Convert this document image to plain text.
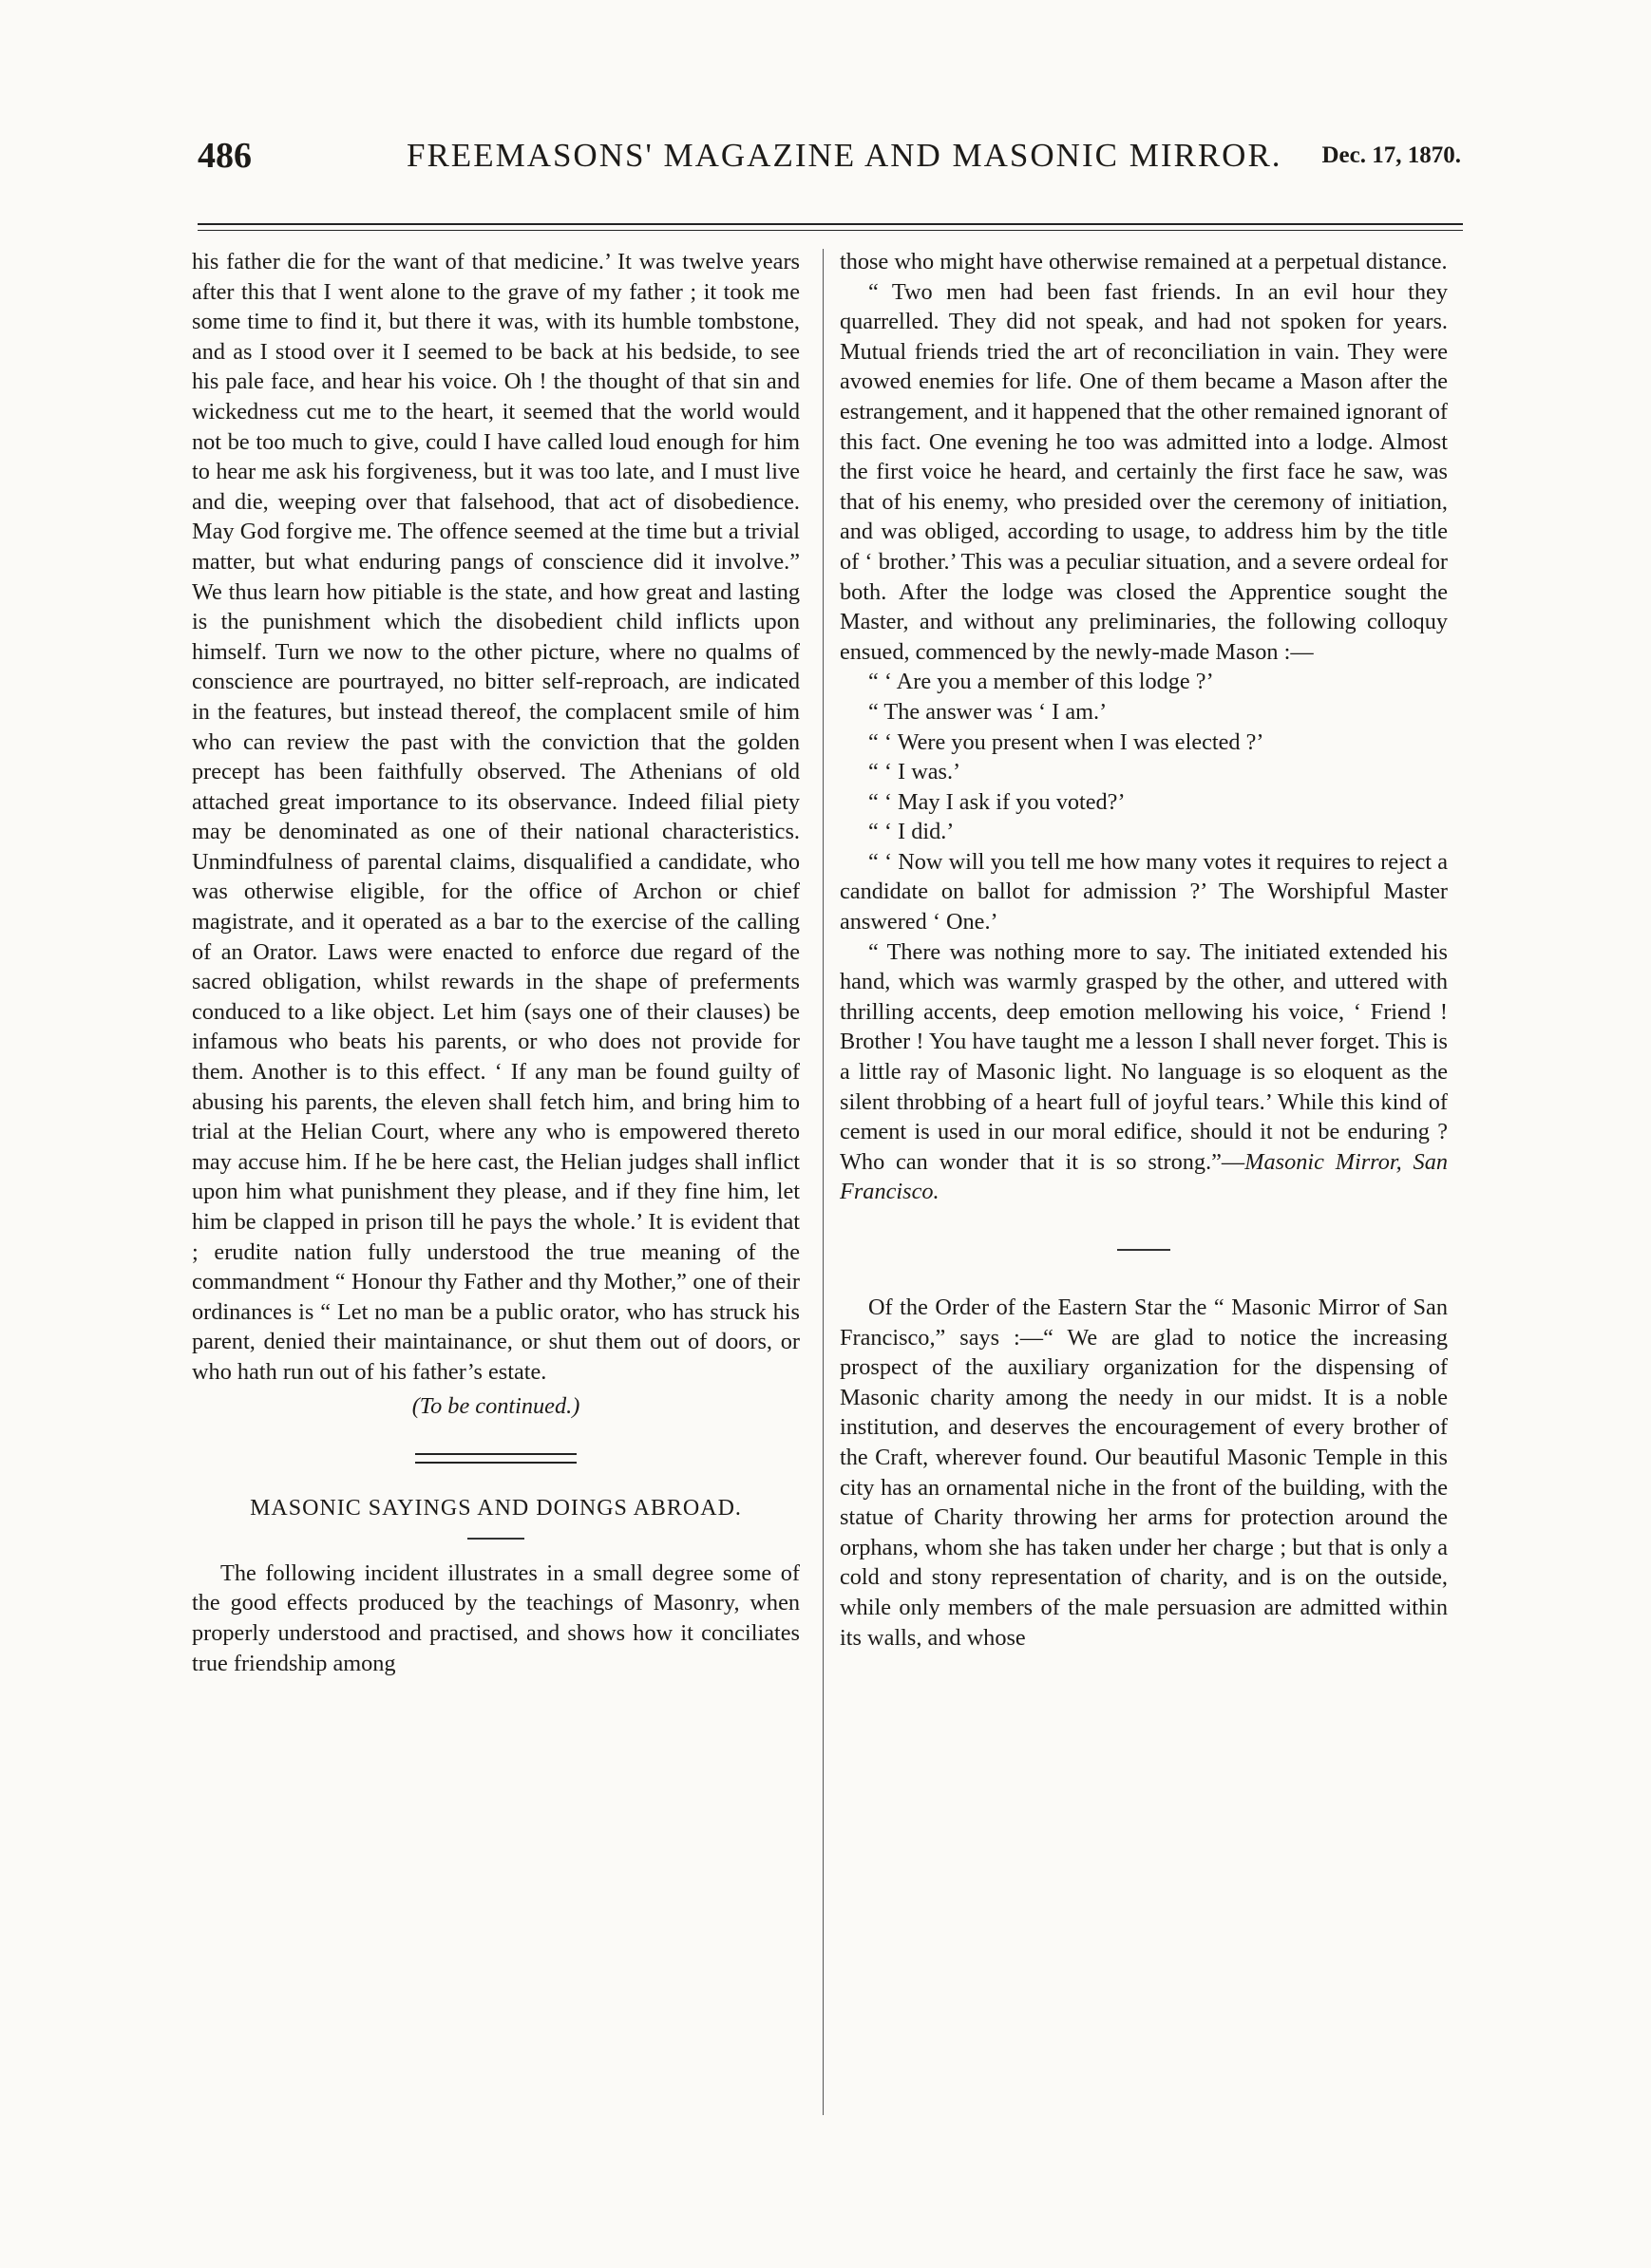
486	FREEMASONS' MAGAZINE AND MASONIC MIRROR. Dec. 17, 1870.

his father die for the want of that medicine.’ It was twelve years after this that I went alone to the grave of my father ; it took me some time to find it, but there it was, with its humble tombstone, and as I stood over it I seemed to be back at his bedside, to see his pale face, and hear his voice. Oh ! the thought of that sin and wickedness cut me to the heart, it seemed that the world would not be too much to give, could I have called loud enough for him to hear me ask his forgiveness, but it was too late, and I must live and die, weeping over that falsehood, that act of disobedience. May God forgive me. The offence seemed at the time but a trivial matter, but what enduring pangs of conscience did it involve.” We thus learn how pitiable is the state, and how great and lasting is the punishment which the disobedient child inflicts upon himself. Turn we now to the other picture, where no qualms of conscience are pourtrayed, no bitter self-reproach, are indicated in the features, but instead thereof, the complacent smile of him who can review the past with the conviction that the golden precept has been faithfully observed. The Athenians of old attached great importance to its observance. Indeed filial piety may be denominated as one of their national characteristics. Unmindfulness of parental claims, disqualified a candidate, who was otherwise eligible, for the office of Archon or chief magistrate, and it operated as a bar to the exercise of the calling of an Orator. Laws were enacted to enforce due regard of the sacred obligation, whilst rewards in the shape of preferments conduced to a like object. Let him (says one of their clauses) be infamous who beats his parents, or who does not provide for them. Another is to this effect. ‘ If any man be found guilty of abusing his parents, the eleven shall fetch him, and bring him to trial at the Helian Court, where any who is empowered thereto may accuse him. If he be here cast, the Helian judges shall inflict upon him what punishment they please, and if they fine him, let him be clapped in prison till he pays the whole.’ It is evident that ; erudite nation fully understood the true meaning of the commandment “ Honour thy Father and thy Mother,” one of their ordinances is “ Let no man be a public orator, who has struck his parent, denied their maintainance, or shut them out of doors, or who hath run out of his father’s estate.

(To be continued.)

MASONIC SAYINGS AND DOINGS ABROAD.

The following incident illustrates in a small degree some of the good effects produced by the teachings of Masonry, when properly understood and practised, and shows how it conciliates true friendship among

those who might have otherwise remained at a perpetual distance.

“ Two men had been fast friends. In an evil hour they quarrelled. They did not speak, and had not spoken for years. Mutual friends tried the art of reconciliation in vain. They were avowed enemies for life. One of them became a Mason after the estrangement, and it happened that the other remained ignorant of this fact. One evening he too was admitted into a lodge. Almost the first voice he heard, and certainly the first face he saw, was that of his enemy, who presided over the ceremony of initiation, and was obliged, according to usage, to address him by the title of ‘ brother.’ This was a peculiar situation, and a severe ordeal for both. After the lodge was closed the Apprentice sought the Master, and without any preliminaries, the following colloquy ensued, commenced by the newly-made Mason :—

“ ‘ Are you a member of this lodge ?’

“ The answer was ‘ I am.’

“ ‘ Were you present when I was elected ?’

“ ‘ I was.’

“ ‘ May I ask if you voted?’

“ ‘ I did.’

“ ‘ Now will you tell me how many votes it requires to reject a candidate on ballot for admission ?’ The Worshipful Master answered ‘ One.’

“ There was nothing more to say. The initiated extended his hand, which was warmly grasped by the other, and uttered with thrilling accents, deep emotion mellowing his voice, ‘ Friend ! Brother ! You have taught me a lesson I shall never forget. This is a little ray of Masonic light. No language is so eloquent as the silent throbbing of a heart full of joyful tears.’ While this kind of cement is used in our moral edifice, should it not be enduring ? Who can wonder that it is so strong.”—Masonic Mirror, San Francisco.

Of the Order of the Eastern Star the “ Masonic Mirror of San Francisco,” says :—“ We are glad to notice the increasing prospect of the auxiliary organization for the dispensing of Masonic charity among the needy in our midst. It is a noble institution, and deserves the encouragement of every brother of the Craft, wherever found. Our beautiful Masonic Temple in this city has an ornamental niche in the front of the building, with the statue of Charity throwing her arms for protection around the orphans, whom she has taken under her charge ; but that is only a cold and stony representation of charity, and is on the outside, while only members of the male persuasion are admitted within its walls, and whose
